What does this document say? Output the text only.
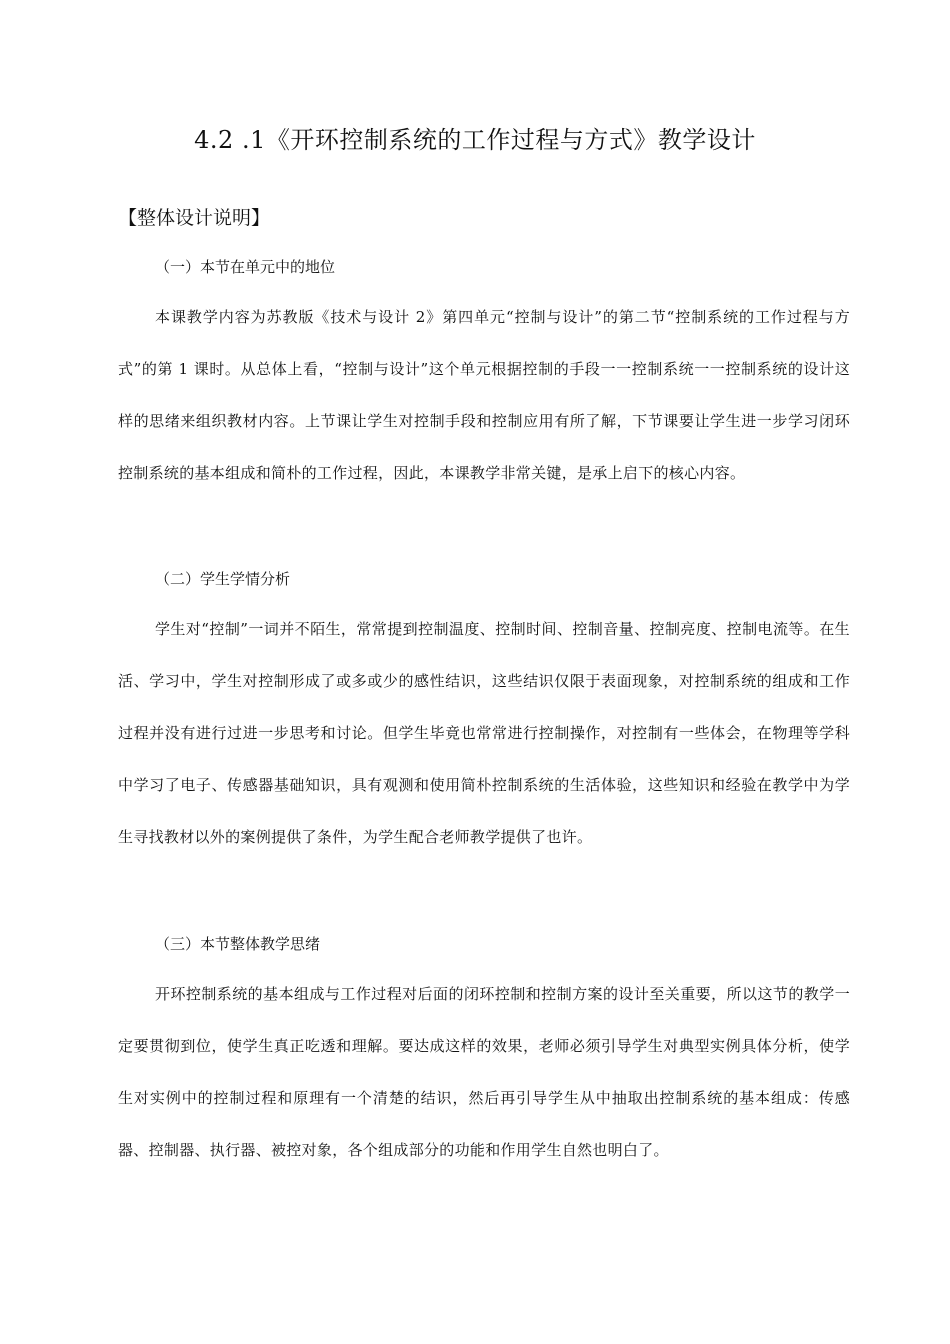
4.2 .1《开环控制系统的工作过程与方式》教学设计
【整体设计说明】
（一）本节在单元中的地位

本课教学内容为苏教版《技术与设计 2》第四单元“控制与设计”的第二节“控制系统的工作过程与方式”的第 1 课时。从总体上看，“控制与设计”这个单元根据控制的手段一一控制系统一一控制系统的设计这样的思绪来组织教材内容。上节课让学生对控制手段和控制应用有所了解，下节课要让学生进一步学习闭环控制系统的基本组成和简朴的工作过程，因此，本课教学非常关键，是承上启下的核心内容。

（二）学生学情分析

学生对“控制”一词并不陌生，常常提到控制温度、控制时间、控制音量、控制亮度、控制电流等。在生活、学习中，学生对控制形成了或多或少的感性结识，这些结识仅限于表面现象，对控制系统的组成和工作过程并没有进行过进一步思考和讨论。但学生毕竟也常常进行控制操作，对控制有一些体会，在物理等学科中学习了电子、传感器基础知识，具有观测和使用简朴控制系统的生活体验，这些知识和经验在教学中为学生寻找教材以外的案例提供了条件，为学生配合老师教学提供了也许。

（三）本节整体教学思绪

开环控制系统的基本组成与工作过程对后面的闭环控制和控制方案的设计至关重要，所以这节的教学一定要贯彻到位，使学生真正吃透和理解。要达成这样的效果，老师必须引导学生对典型实例具体分析，使学生对实例中的控制过程和原理有一个清楚的结识，然后再引导学生从中抽取出控制系统的基本组成：传感器、控制器、执行器、被控对象，各个组成部分的功能和作用学生自然也明白了。
